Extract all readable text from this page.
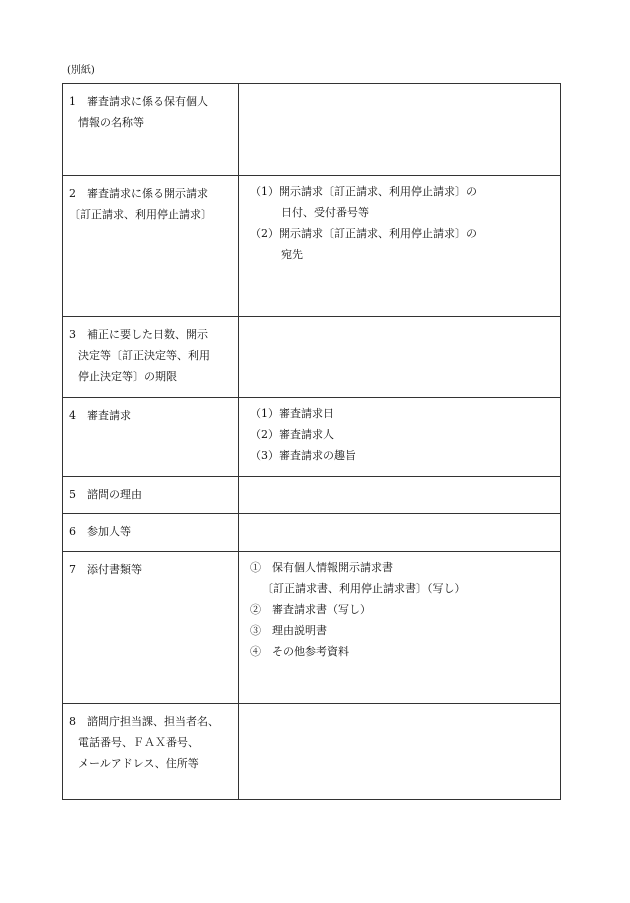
(別紙)
1　審査請求に係る保有個人
情報の名称等	

2　審査請求に係る開示請求
〔訂正請求、利用停止請求〕	（1）開示請求〔訂正請求、利用停止請求〕の
日付、受付番号等
（2）開示請求〔訂正請求、利用停止請求〕の
宛先

3　補正に要した日数、開示
決定等〔訂正決定等、利用
停止決定等〕の期限	

4　審査請求	（1）審査請求日
（2）審査請求人
（3）審査請求の趣旨

5　諮問の理由	

6　参加人等	

7　添付書類等	①　保有個人情報開示請求書
〔訂正請求書、利用停止請求書〕（写し）
②　審査請求書（写し）
③　理由説明書
④　その他参考資料

8　諮問庁担当課、担当者名、
電話番号、ＦＡＸ番号、
メールアドレス、住所等	
